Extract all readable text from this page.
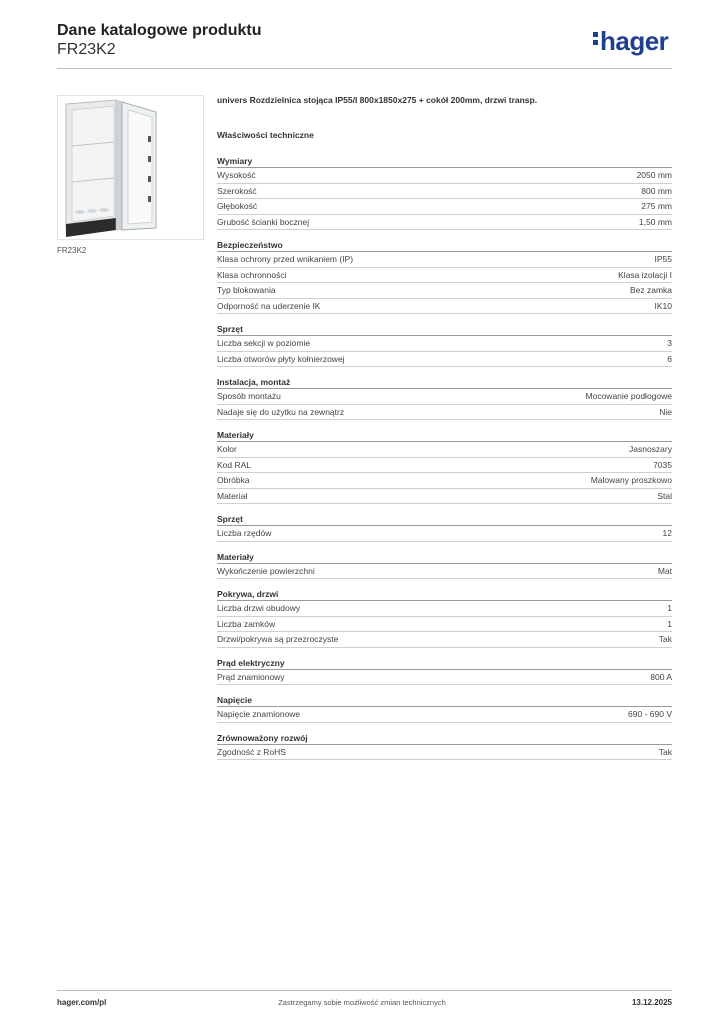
Dane katalogowe produktu
FR23K2	hager
FR23K2
univers Rozdzielnica stojąca IP55/I 800x1850x275 + cokół 200mm, drzwi transp.
Właściwości techniczne
Wymiary
Wysokość	2050 mm
Szerokość	800 mm
Głębokość	275 mm
Grubość ścianki bocznej	1,50 mm
Bezpieczeństwo
Klasa ochrony przed wnikaniem (IP)	IP55
Klasa ochronności	Klasa izolacji I
Typ blokowania	Bez zamka
Odporność na uderzenie IK	IK10
Sprzęt
Liczba sekcji w poziomie	3
Liczba otworów płyty kołnierzowej	6
Instalacja, montaż
Sposób montażu	Mocowanie podłogowe
Nadaje się do użytku na zewnątrz	Nie
Materiały
Kolor	Jasnoszary
Kod RAL	7035
Obróbka	Malowany proszkowo
Materiał	Stal
Sprzęt
Liczba rzędów	12
Materiały
Wykończenie powierzchni	Mat
Pokrywa, drzwi
Liczba drzwi obudowy	1
Liczba zamków	1
Drzwi/pokrywa są przezroczyste	Tak
Prąd elektryczny
Prąd znamionowy	800 A
Napięcie
Napięcie znamionowe	690 - 690 V
Zrównoważony rozwój
Zgodność z RoHS	Tak
hager.com/pl	Zastrzegamy sobie możliwość zmian technicznych	13.12.2025
